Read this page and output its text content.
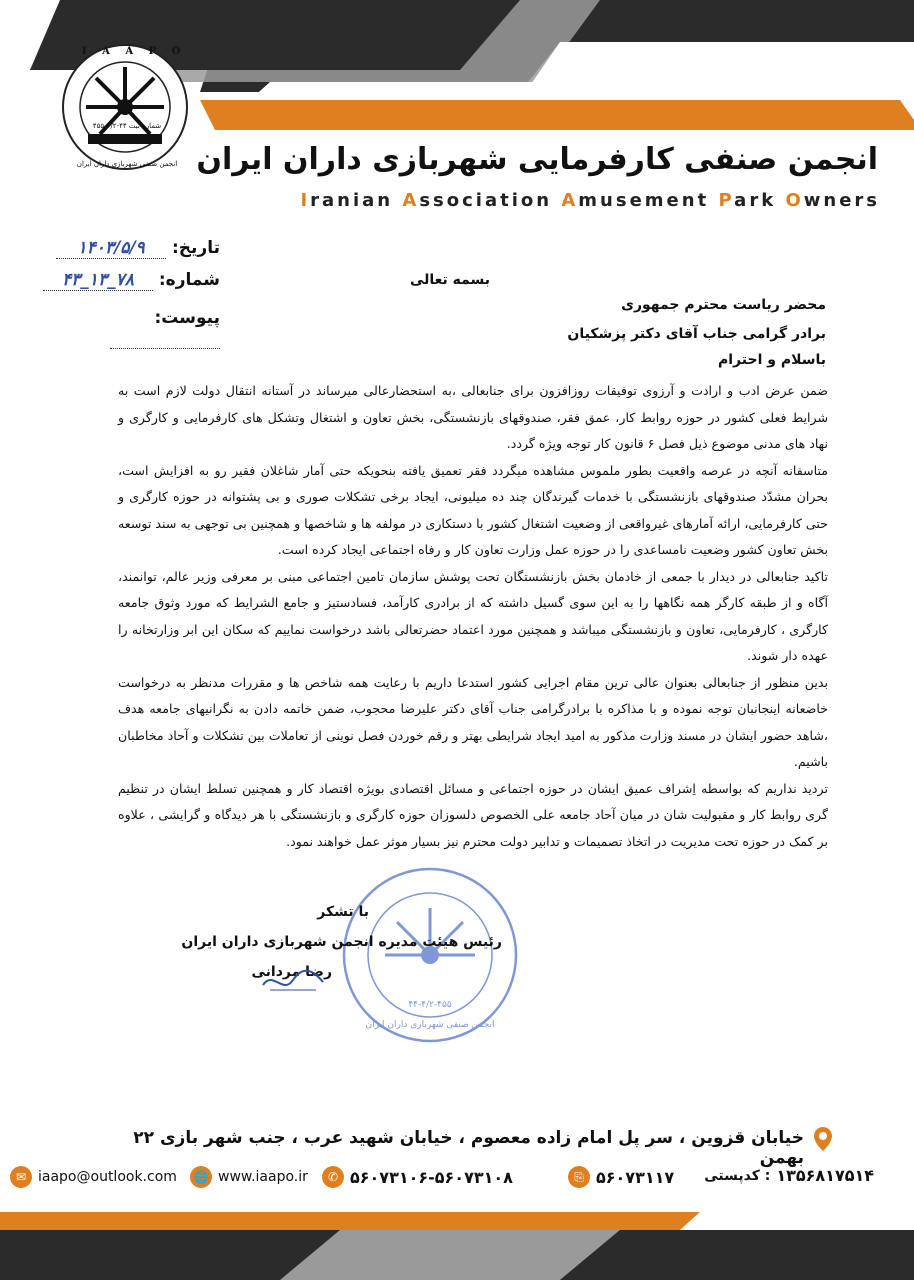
I A A P O
شماره ثبت ۴۴-۴/۲-۴۵۵
انجمن صنفی شهربازی داران ایران انجمن صنفی کارفرمایی شهربازی داران ایران
Iranian Association Amusement Park Owners
تاریخ: ۱۴۰۳/۵/۹
شماره: ۴۳_۱۳_۷۸
پیوست:
بسمه تعالی
محضر ریاست محترم جمهوری
برادر گرامی جناب آقای دکتر پزشکیان
باسلام و احترام

ضمن عرض ادب و ارادت و آرزوی توفیقات روزافزون برای جنابعالی ،به استحضارعالی میرساند در آستانه انتقال دولت لازم است به شرایط فعلی کشور در حوزه روابط کار، عمق فقر، صندوقهای بازنشستگی، بخش تعاون و اشتغال وتشکل های کارفرمایی و کارگری و نهاد های مدنی موضوع ذیل فصل ۶ قانون کار توجه ویژه گردد.

متاسفانه آنچه در عرصه واقعیت بطور ملموس مشاهده میگردد فقر تعمیق یافته بنحویکه حتی آمار شاغلان فقیر رو به افزایش است، بحران مشدّد صندوقهای بازنشستگی با خدمات گیرندگان چند ده میلیونی، ایجاد برخی تشکلات صوری و بی پشتوانه در حوزه کارگری و حتی کارفرمایی، ارائه آمارهای غیرواقعی از وضعیت اشتغال کشور با دستکاری در مولفه ها و شاخصها و همچنین بی توجهی به سند توسعه بخش تعاون کشور وضعیت نامساعدی را در حوزه عمل وزارت تعاون کار و رفاه اجتماعی ایجاد کرده است.

تاکید جنابعالی در دیدار با جمعی از خادمان بخش بازنشستگان تحت پوشش سازمان تامین اجتماعی مبنی بر معرفی وزیر عالم، توانمند، آگاه و از طبقه کارگر همه نگاهها را به این سوی گسیل داشته که از برادری کارآمد، فسادستیز و جامع الشرایط که مورد وثوق جامعه کارگری ، کارفرمایی، تعاون و بازنشستگی میباشد و همچنین مورد اعتماد حضرتعالی باشد درخواست نماییم که سکان این ابر وزارتخانه را عهده دار شوند.

بدین منظور از جنابعالی بعنوان عالی ترین مقام اجرایی کشور استدعا داریم با رعایت همه شاخص ها و مقررات مدنظر به درخواست خاضعانه اینجانبان توجه نموده و با مذاکره با برادرگرامی جناب آقای دکتر علیرضا محجوب، ضمن خاتمه دادن به نگرانیهای جامعه هدف ،شاهد حضور ایشان در مسند وزارت مذکور به امید ایجاد شرایطی بهتر و رقم خوردن فصل نوینی از تعاملات بین تشکلات و آحاد مخاطبان باشیم.

تردید نداریم که بواسطه اِشراف عمیق ایشان در حوزه اجتماعی و مسائل اقتصادی بویژه اقتصاد کار و همچنین تسلط ایشان در تنظیم گری روابط کار و مقبولیت شان در میان آحاد جامعه علی الخصوص دلسوزان حوزه کارگری و بازنشستگی با هر دیدگاه و گرایشی ، علاوه بر کمک در حوزه تحت مدیریت در اتخاذ تصمیمات و تدابیر دولت محترم نیز بسیار موثر عمل خواهند نمود.

انجمن صنفی شهربازی داران ایران
۴۴-۴/۲-۴۵۵
با تشکر
رئیس هیئت مدیره انجمن شهربازی داران ایران
رضا مردانی
خیابان قزوین ، سر پل امام زاده معصوم ، خیابان شهید عرب ، جنب شهر بازی ۲۲ بهمن
کدپستی : ۱۳۵۶۸۱۷۵۱۴
⎘ ۵۶۰۷۳۱۱۷
✆ ۵۶۰۷۳۱۰۶-۵۶۰۷۳۱۰۸
🌐 www.iaapo.ir
✉ iaapo@outlook.com
